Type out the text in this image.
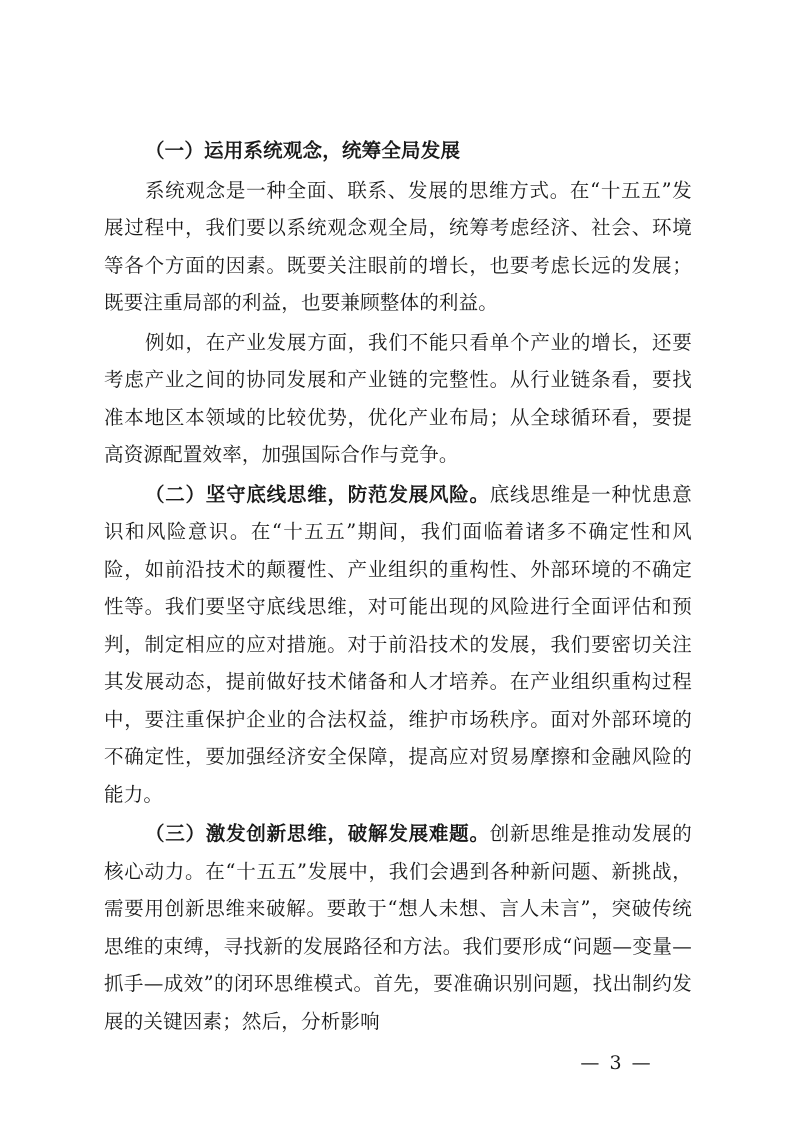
（一）运用系统观念，统筹全局发展

系统观念是一种全面、联系、发展的思维方式。在“十五五”发展过程中，我们要以系统观念观全局，统筹考虑经济、社会、环境等各个方面的因素。既要关注眼前的增长，也要考虑长远的发展；既要注重局部的利益，也要兼顾整体的利益。

例如，在产业发展方面，我们不能只看单个产业的增长，还要考虑产业之间的协同发展和产业链的完整性。从行业链条看，要找准本地区本领域的比较优势，优化产业布局；从全球循环看，要提高资源配置效率，加强国际合作与竞争。

（二）坚守底线思维，防范发展风险。底线思维是一种忧患意识和风险意识。在“十五五”期间，我们面临着诸多不确定性和风险，如前沿技术的颠覆性、产业组织的重构性、外部环境的不确定性等。我们要坚守底线思维，对可能出现的风险进行全面评估和预判，制定相应的应对措施。对于前沿技术的发展，我们要密切关注其发展动态，提前做好技术储备和人才培养。在产业组织重构过程中，要注重保护企业的合法权益，维护市场秩序。面对外部环境的不确定性，要加强经济安全保障，提高应对贸易摩擦和金融风险的能力。

（三）激发创新思维，破解发展难题。创新思维是推动发展的核心动力。在“十五五”发展中，我们会遇到各种新问题、新挑战，需要用创新思维来破解。要敢于“想人未想、言人未言”，突破传统思维的束缚，寻找新的发展路径和方法。我们要形成“问题—变量—抓手—成效”的闭环思维模式。首先，要准确识别问题，找出制约发展的关键因素；然后，分析影响

— 3 —
